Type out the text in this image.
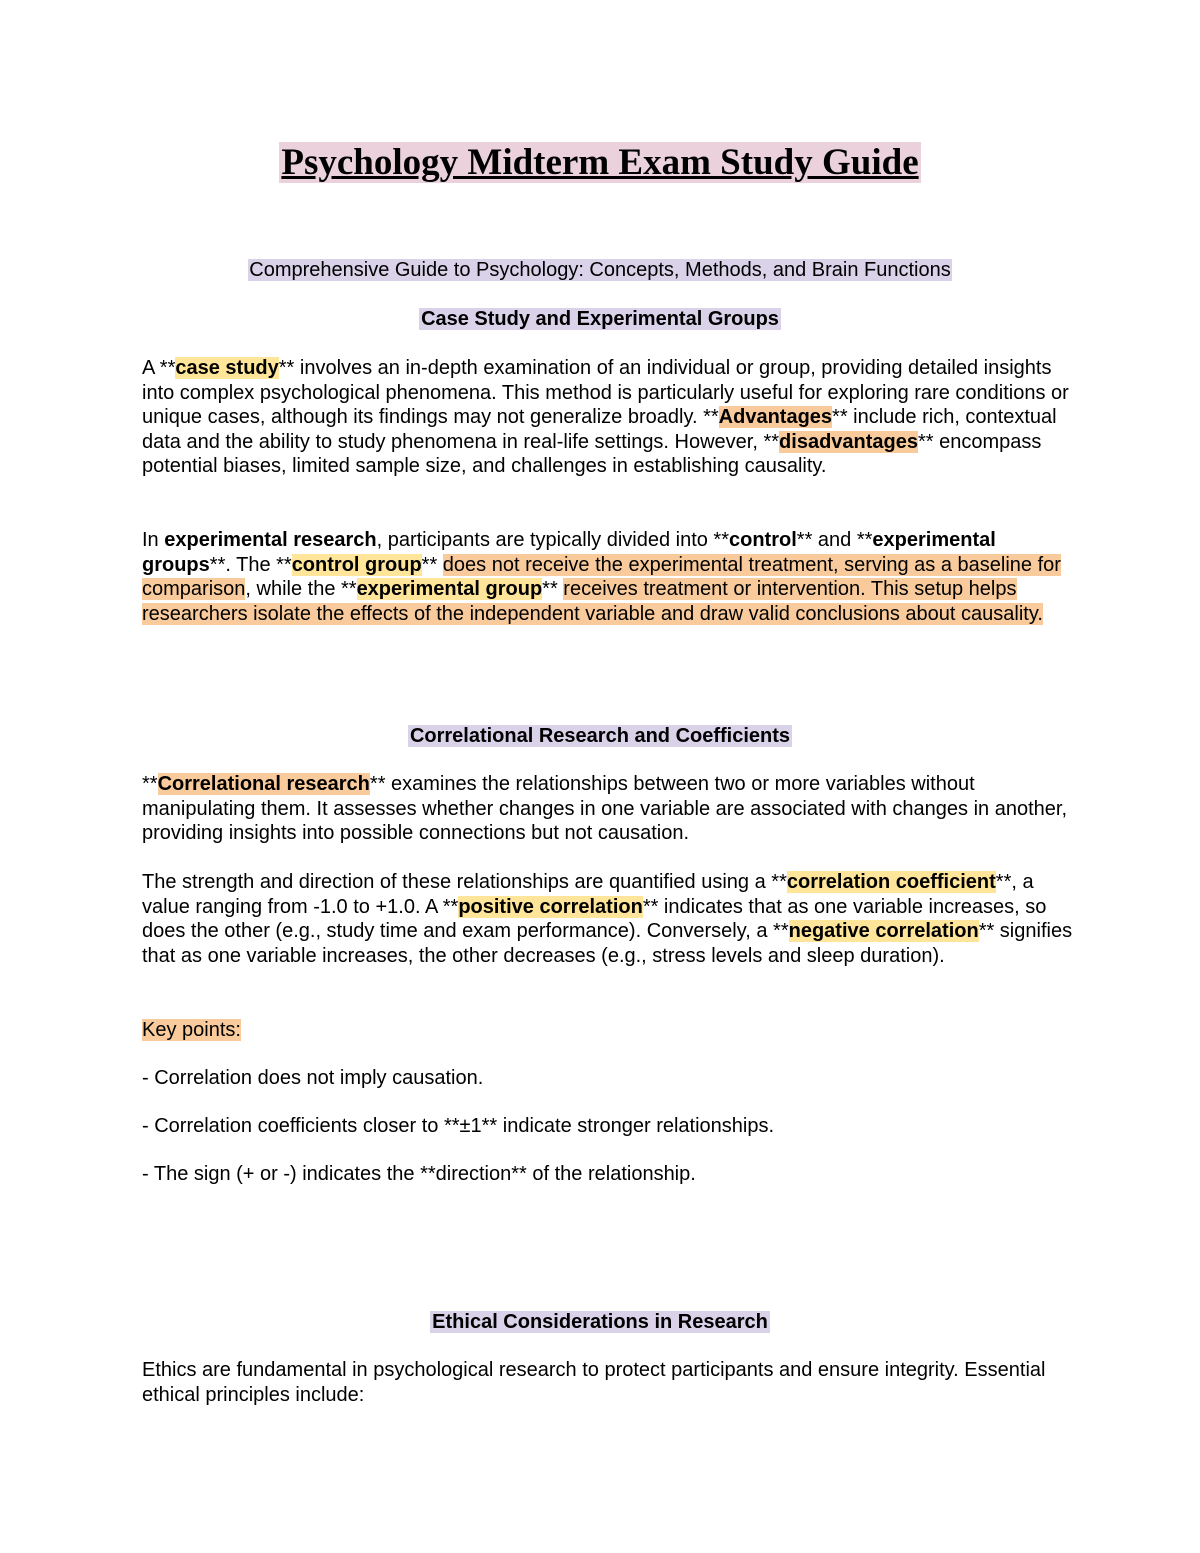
Psychology Midterm Exam Study Guide
Comprehensive Guide to Psychology: Concepts, Methods, and Brain Functions
Case Study and Experimental Groups
A **case study** involves an in-depth examination of an individual or group, providing detailed insights into complex psychological phenomena. This method is particularly useful for exploring rare conditions or unique cases, although its findings may not generalize broadly. **Advantages** include rich, contextual data and the ability to study phenomena in real-life settings. However, **disadvantages** encompass potential biases, limited sample size, and challenges in establishing causality.
In experimental research, participants are typically divided into **control** and **experimental groups**. The **control group** does not receive the experimental treatment, serving as a baseline for comparison, while the **experimental group** receives treatment or intervention. This setup helps researchers isolate the effects of the independent variable and draw valid conclusions about causality.
Correlational Research and Coefficients
**Correlational research** examines the relationships between two or more variables without manipulating them. It assesses whether changes in one variable are associated with changes in another, providing insights into possible connections but not causation.
The strength and direction of these relationships are quantified using a **correlation coefficient**, a value ranging from -1.0 to +1.0. A **positive correlation** indicates that as one variable increases, so does the other (e.g., study time and exam performance). Conversely, a **negative correlation** signifies that as one variable increases, the other decreases (e.g., stress levels and sleep duration).
Key points:
- Correlation does not imply causation.
- Correlation coefficients closer to **±1** indicate stronger relationships.
- The sign (+ or -) indicates the **direction** of the relationship.
Ethical Considerations in Research
Ethics are fundamental in psychological research to protect participants and ensure integrity. Essential ethical principles include:
